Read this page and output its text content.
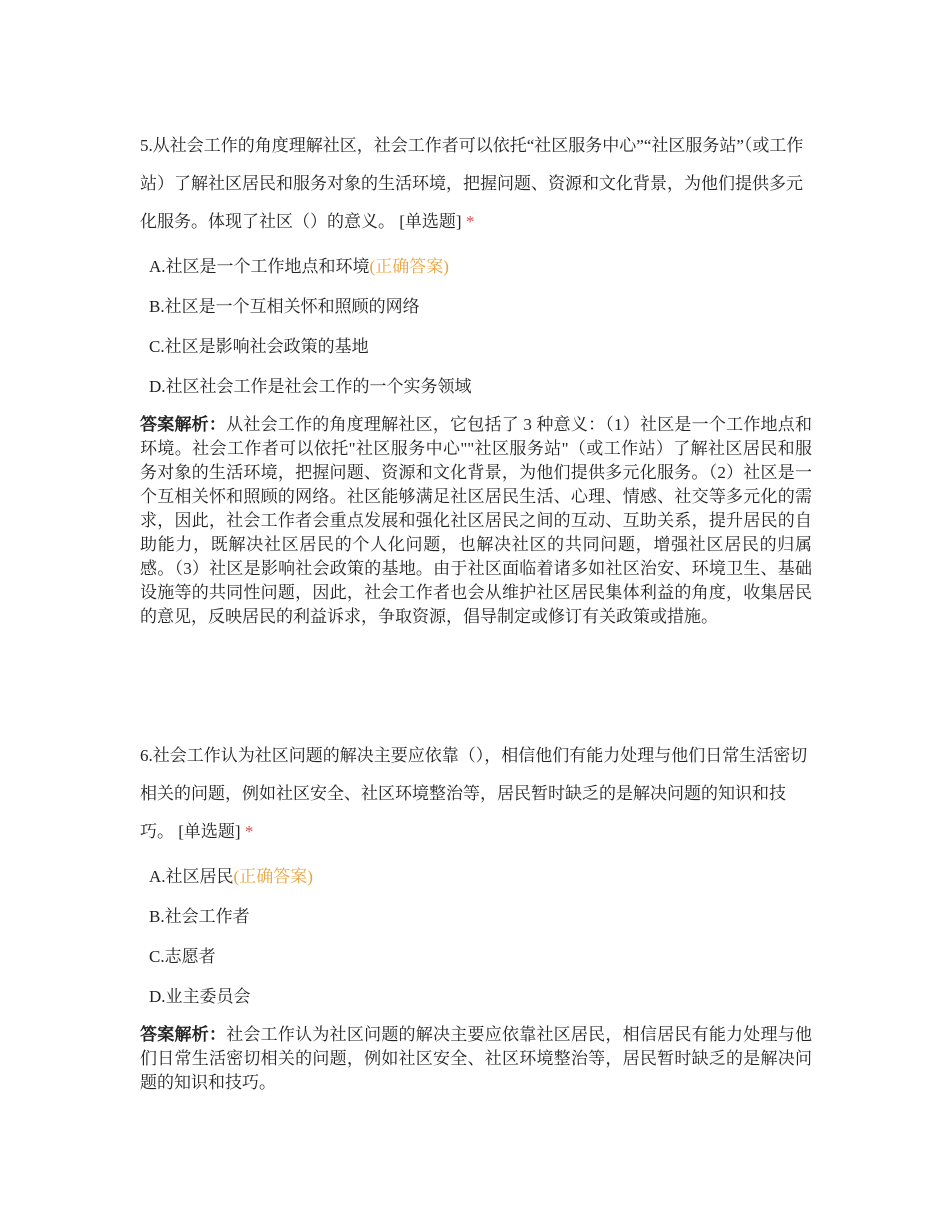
5.从社会工作的角度理解社区，社会工作者可以依托“社区服务中心”“社区服务站”（或工作站）了解社区居民和服务对象的生活环境，把握问题、资源和文化背景，为他们提供多元化服务。体现了社区（）的意义。 [单选题] *

A.社区是一个工作地点和环境(正确答案)
B.社区是一个互相关怀和照顾的网络
C.社区是影响社会政策的基地
D.社区社会工作是社会工作的一个实务领域
答案解析：从社会工作的角度理解社区，它包括了 3 种意义：（1）社区是一个工作地点和环境。社会工作者可以依托"社区服务中心""社区服务站"（或工作站）了解社区居民和服务对象的生活环境，把握问题、资源和文化背景，为他们提供多元化服务。（2）社区是一个互相关怀和照顾的网络。社区能够满足社区居民生活、心理、情感、社交等多元化的需求，因此，社会工作者会重点发展和强化社区居民之间的互动、互助关系，提升居民的自助能力，既解决社区居民的个人化问题，也解决社区的共同问题，增强社区居民的归属感。（3）社区是影响社会政策的基地。由于社区面临着诸多如社区治安、环境卫生、基础设施等的共同性问题，因此，社会工作者也会从维护社区居民集体利益的角度，收集居民的意见，反映居民的利益诉求，争取资源，倡导制定或修订有关政策或措施。

6.社会工作认为社区问题的解决主要应依靠（），相信他们有能力处理与他们日常生活密切相关的问题，例如社区安全、社区环境整治等，居民暂时缺乏的是解决问题的知识和技巧。 [单选题] *

A.社区居民(正确答案)
B.社会工作者
C.志愿者
D.业主委员会
答案解析：社会工作认为社区问题的解决主要应依靠社区居民，相信居民有能力处理与他们日常生活密切相关的问题，例如社区安全、社区环境整治等，居民暂时缺乏的是解决问题的知识和技巧。
